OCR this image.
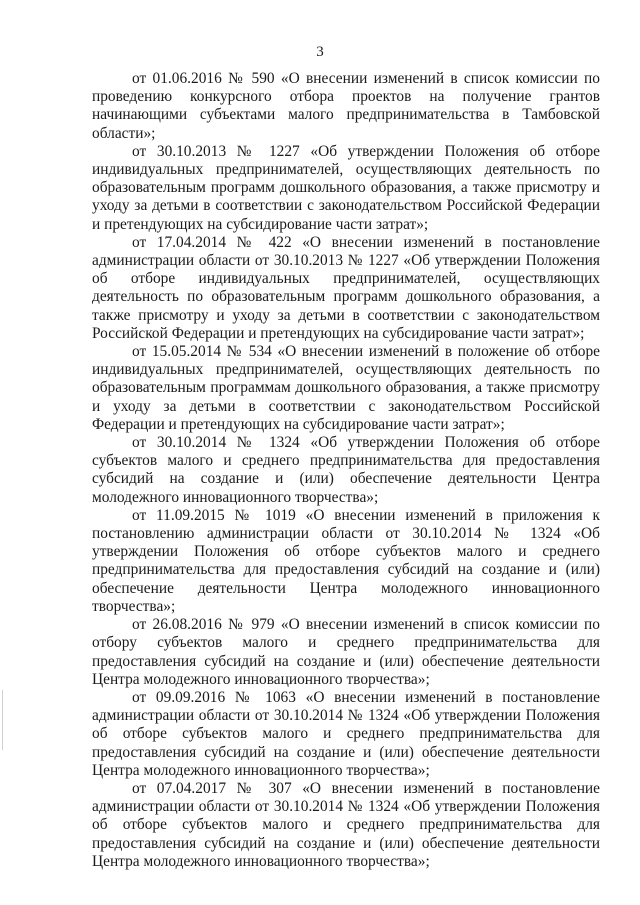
3

от 01.06.2016 № 590 «О внесении изменений в список комиссии по проведению конкурсного отбора проектов на получение грантов начинающими субъектами малого предпринимательства в Тамбовской области»;

от 30.10.2013 № 1227 «Об утверждении Положения об отборе индивидуальных предпринимателей, осуществляющих деятельность по образовательным программ дошкольного образования, а также присмотру и уходу за детьми в соответствии с законодательством Российской Федерации и претендующих на субсидирование части затрат»;

от 17.04.2014 № 422 «О внесении изменений в постановление администрации области от 30.10.2013 № 1227 «Об утверждении Положения об отборе индивидуальных предпринимателей, осуществляющих деятельность по образовательным программ дошкольного образования, а также присмотру и уходу за детьми в соответствии с законодательством Российской Федерации и претендующих на субсидирование части затрат»;

от 15.05.2014 № 534 «О внесении изменений в положение об отборе индивидуальных предпринимателей, осуществляющих деятельность по образовательным программам дошкольного образования, а также присмотру и уходу за детьми в соответствии с законодательством Российской Федерации и претендующих на субсидирование части затрат»;

от 30.10.2014 № 1324 «Об утверждении Положения об отборе субъектов малого и среднего предпринимательства для предоставления субсидий на создание и (или) обеспечение деятельности Центра молодежного инновационного творчества»;

от 11.09.2015 № 1019 «О внесении изменений в приложения к постановлению администрации области от 30.10.2014 № 1324 «Об утверждении Положения об отборе субъектов малого и среднего предпринимательства для предоставления субсидий на создание и (или) обеспечение деятельности Центра молодежного инновационного творчества»;

от 26.08.2016 № 979 «О внесении изменений в список комиссии по отбору субъектов малого и среднего предпринимательства для предоставления субсидий на создание и (или) обеспечение деятельности Центра молодежного инновационного творчества»;

от 09.09.2016 № 1063 «О внесении изменений в постановление администрации области от 30.10.2014 № 1324 «Об утверждении Положения об отборе субъектов малого и среднего предпринимательства для предоставления субсидий на создание и (или) обеспечение деятельности Центра молодежного инновационного творчества»;

от 07.04.2017 № 307 «О внесении изменений в постановление администрации области от 30.10.2014 № 1324 «Об утверждении Положения об отборе субъектов малого и среднего предпринимательства для предоставления субсидий на создание и (или) обеспечение деятельности Центра молодежного инновационного творчества»;
